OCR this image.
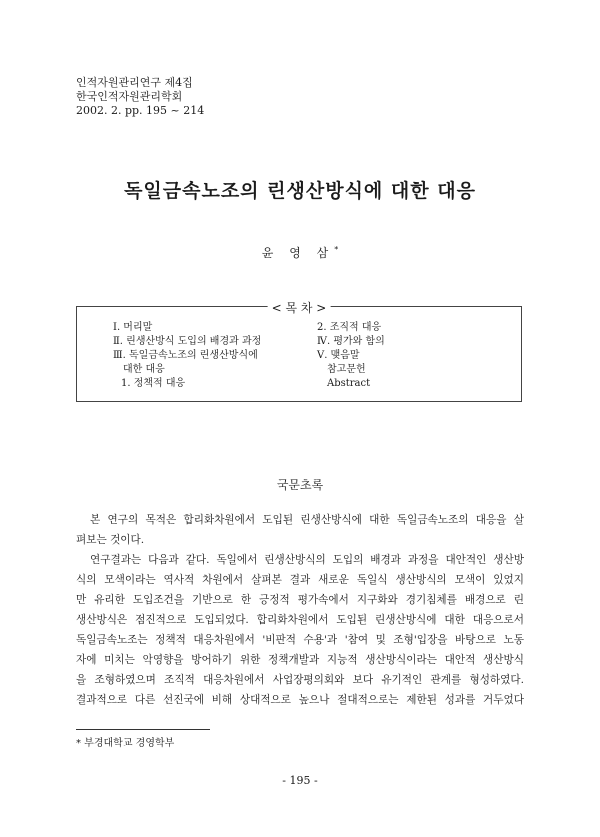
인적자원관리연구 제4집
한국인적자원관리학회
2002. 2. pp. 195 ~ 214
독일금속노조의 린생산방식에 대한 대응
윤 영 삼*
< 목 차 >
Ⅰ. 머리말
Ⅱ. 린생산방식 도입의 배경과 과정
Ⅲ. 독일금속노조의 린생산방식에
대한 대응
1. 정책적 대응
2. 조직적 대응
Ⅳ. 평가와 함의
Ⅴ. 맺음말
참고문헌
Abstract
국문초록
본 연구의 목적은 합리화차원에서 도입된 린생산방식에 대한 독일금속노조의 대응을 살
펴보는 것이다.
연구결과는 다음과 같다. 독일에서 린생산방식의 도입의 배경과 과정을 대안적인 생산방
식의 모색이라는 역사적 차원에서 살펴본 결과 새로운 독일식 생산방식의 모색이 있었지
만 유리한 도입조건을 기반으로 한 긍정적 평가속에서 지구화와 경기침체를 배경으로 린
생산방식은 점진적으로 도입되었다. 합리화차원에서 도입된 린생산방식에 대한 대응으로서
독일금속노조는 정책적 대응차원에서 '비판적 수용'과 '참여 및 조형'입장을 바탕으로 노동
자에 미치는 악영향을 방어하기 위한 정책개발과 지능적 생산방식이라는 대안적 생산방식
을 조형하였으며 조직적 대응차원에서 사업장평의회와 보다 유기적인 관계를 형성하였다.
결과적으로 다른 선진국에 비해 상대적으로 높으나 절대적으로는 제한된 성과를 거두었다
* 부경대학교 경영학부
- 195 -
